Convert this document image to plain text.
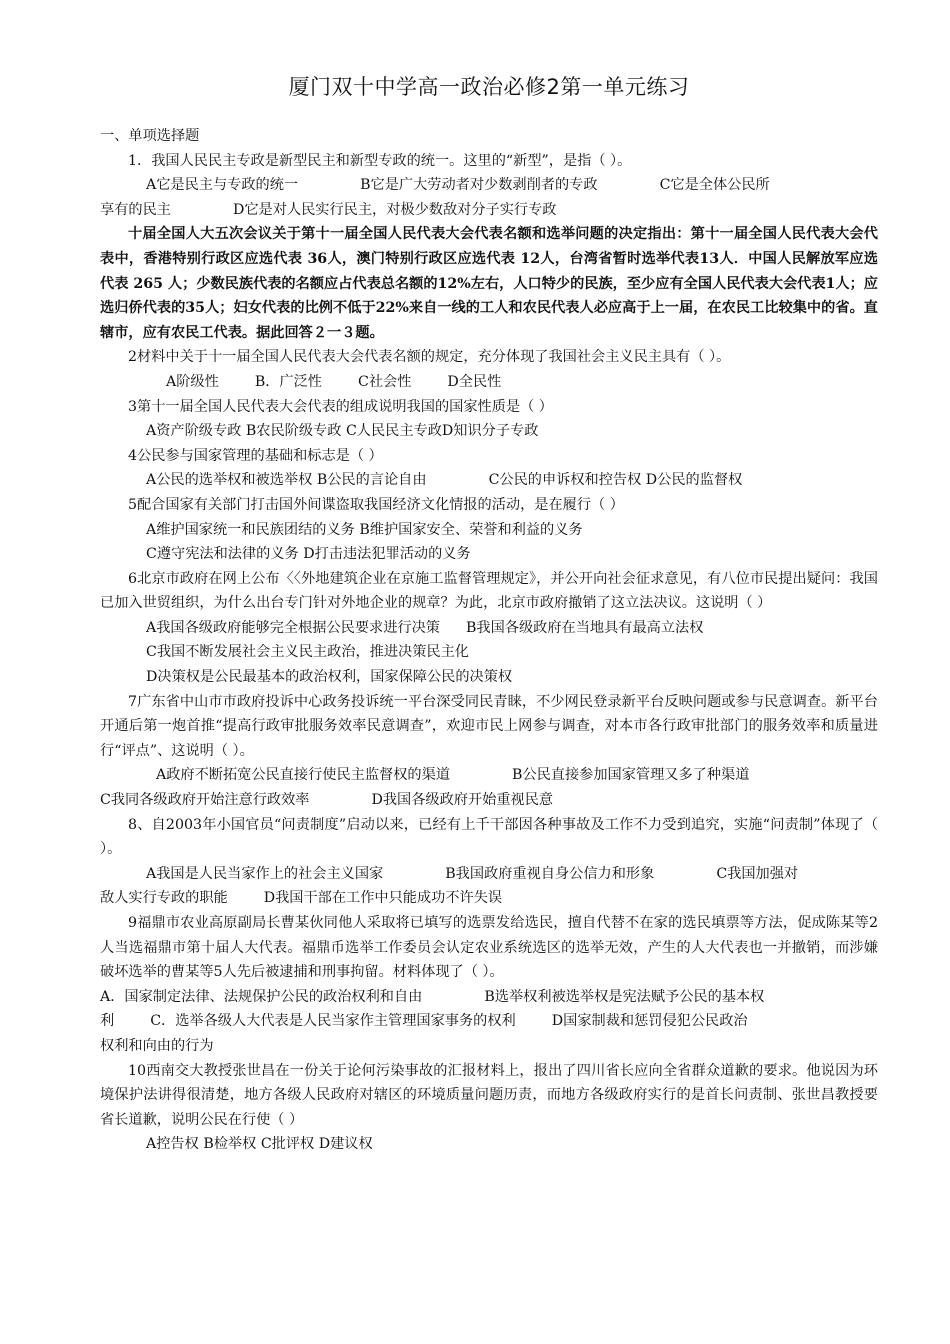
厦门双十中学高一政治必修2第一单元练习

一、单项选择题

1．我国人民民主专政是新型民主和新型专政的统一。这里的“新型”，是指（ ）。

A它是民主与专政的统一	B它是广大劳动者对少数剥削者的专政	C它是全体公民所

享有的民主	D它是对人民实行民主，对极少数敌对分子实行专政

十届全国人大五次会议关于第十一届全国人民代表大会代表名额和选举问题的决定指出：第十一届全国人民代表大会代表中，香港特别行政区应选代表 36人，澳门特别行政区应选代表 12人，台湾省暂时选举代表13人．中国人民解放军应选代表 265 人；少数民族代表的名额应占代表总名额的12%左右，人口特少的民族，至少应有全国人民代表大会代表1人；应选归侨代表的35人；妇女代表的比例不低于22%来自一线的工人和农民代表人必应高于上一届，在农民工比较集中的省。直辖市，应有农民工代表。据此回答２一３题。

2材料中关于十一届全国人民代表大会代表名额的规定，充分体现了我国社会主义民主具有（ ）。

A阶级性	B．广泛性	C社会性	D全民性

3第十一届全国人民代表大会代表的组成说明我国的国家性质是（ ）

A资产阶级专政 B农民阶级专政 C人民民主专政D知识分子专政

4公民参与国家管理的基础和标志是（ ）

A公民的选举权和被选举权 B公民的言论自由	C公民的申诉权和控告权 D公民的监督权

5配合国家有关部门打击国外间谍盗取我国经济文化情报的活动，是在履行（ ）

A维护国家统一和民族团结的义务 B维护国家安全、荣誉和利益的义务

C遵守宪法和法律的义务 D打击违法犯罪活动的义务

6北京市政府在网上公布〈〈外地建筑企业在京施工监督管理规定》，并公开向社会征求意见，有八位市民提出疑问：我国已加入世贸组织，为什么出台专门针对外地企业的规章？为此，北京市政府撤销了这立法决议。这说明（ ）

A我国各级政府能够完全根据公民要求进行决策 B我国各级政府在当地具有最高立法权

C我国不断发展社会主义民主政治，推进决策民主化

D决策权是公民最基本的政治权利，国家保障公民的决策权

7广东省中山市市政府投诉中心政务投诉统一平台深受同民青睐，不少网民登录新平台反映问题或参与民意调查。新平台开通后第一炮首推“提高行政审批服务效率民意调查”，欢迎市民上网参与调查，对本市各行政审批部门的服务效率和质量进行“评点”、这说明（ ）。

A政府不断拓宽公民直接行使民主监督权的渠道	B公民直接参加国家管理又多了种渠道

C我同各级政府开始注意行政效率	D我国各级政府开始重视民意

8、自2003年小国官员“问责制度”启动以来，已经有上千干部因各种事故及工作不力受到追究，实施“问责制”体现了（ ）。

A我国是人民当家作上的社会主义国家	B我国政府重视自身公信力和形象	C我国加强对

敌人实行专政的职能	D我国干部在工作中只能成功不许失误

9福鼎市农业高原副局长曹某伙同他人采取将已填写的选票发给选民，擅自代替不在家的选民填票等方法，促成陈某等2人当选福鼎市第十届人大代表。福鼎币选举工作委员会认定农业系统选区的选举无效，产生的人大代表也一并撤销，而涉嫌破坏选举的曹某等5人先后被逮捕和刑事拘留。材料体现了（ ）。

A．国家制定法律、法规保护公民的政治权利和自由	B选举权利被选举权是宪法赋予公民的基本权

利	C．选举各级人大代表是人民当家作主管理国家事务的权利	D国家制裁和惩罚侵犯公民政治

权利和向由的行为

10西南交大教授张世昌在一份关于论何污染事故的汇报材料上，报出了四川省长应向全省群众道歉的要求。他说因为环境保护法讲得很清楚，地方各级人民政府对辖区的环境质量问题历责，而地方各级政府实行的是首长问责制、张世昌教授要省长道歉，说明公民在行使（ ）

A控告权 B检举权 C批评权 D建议权
